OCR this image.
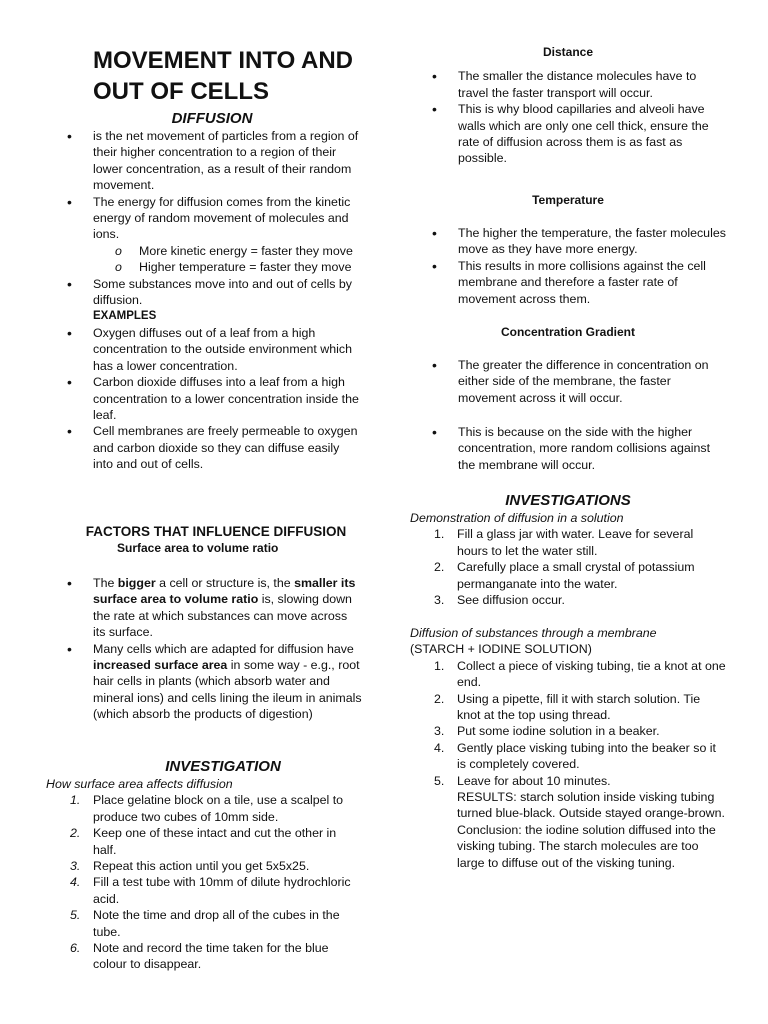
MOVEMENT INTO AND OUT OF CELLS
DIFFUSION
• is the net movement of particles from a region of their higher concentration to a region of their lower concentration, as a result of their random movement.
• The energy for diffusion comes from the kinetic energy of random movement of molecules and ions.
o More kinetic energy = faster they move
o Higher temperature = faster they move
• Some substances move into and out of cells by diffusion.
EXAMPLES
• Oxygen diffuses out of a leaf from a high concentration to the outside environment which has a lower concentration.
• Carbon dioxide diffuses into a leaf from a high concentration to a lower concentration inside the leaf.
• Cell membranes are freely permeable to oxygen and carbon dioxide so they can diffuse easily into and out of cells.
FACTORS THAT INFLUENCE DIFFUSION
Surface area to volume ratio
• The bigger a cell or structure is, the smaller its surface area to volume ratio is, slowing down the rate at which substances can move across its surface.
• Many cells which are adapted for diffusion have increased surface area in some way - e.g., root hair cells in plants (which absorb water and mineral ions) and cells lining the ileum in animals (which absorb the products of digestion)
INVESTIGATION
How surface area affects diffusion
1.	Place gelatine block on a tile, use a scalpel to produce two cubes of 10mm side.
2.	Keep one of these intact and cut the other in half.
3.	Repeat this action until you get 5x5x25.
4.	Fill a test tube with 10mm of dilute hydrochloric acid.
5.	Note the time and drop all of the cubes in the tube.
6.	Note and record the time taken for the blue colour to disappear.
Distance
• The smaller the distance molecules have to travel the faster transport will occur.
• This is why blood capillaries and alveoli have walls which are only one cell thick, ensure the rate of diffusion across them is as fast as possible.
Temperature
• The higher the temperature, the faster molecules move as they have more energy.
• This results in more collisions against the cell membrane and therefore a faster rate of movement across them.
Concentration Gradient
• The greater the difference in concentration on either side of the membrane, the faster movement across it will occur.
• This is because on the side with the higher concentration, more random collisions against the membrane will occur.
INVESTIGATIONS
Demonstration of diffusion in a solution
1.	Fill a glass jar with water. Leave for several hours to let the water still.
2.	Carefully place a small crystal of potassium permanganate into the water.
3.	See diffusion occur.
Diffusion of substances through a membrane
(STARCH + IODINE SOLUTION)
1.	Collect a piece of visking tubing, tie a knot at one end.
2.	Using a pipette, fill it with starch solution. Tie knot at the top using thread.
3.	Put some iodine solution in a beaker.
4.	Gently place visking tubing into the beaker so it is completely covered.
5.	Leave for about 10 minutes.
RESULTS: starch solution inside visking tubing turned blue-black. Outside stayed orange-brown.
Conclusion: the iodine solution diffused into the visking tubing. The starch molecules are too large to diffuse out of the visking tuning.
